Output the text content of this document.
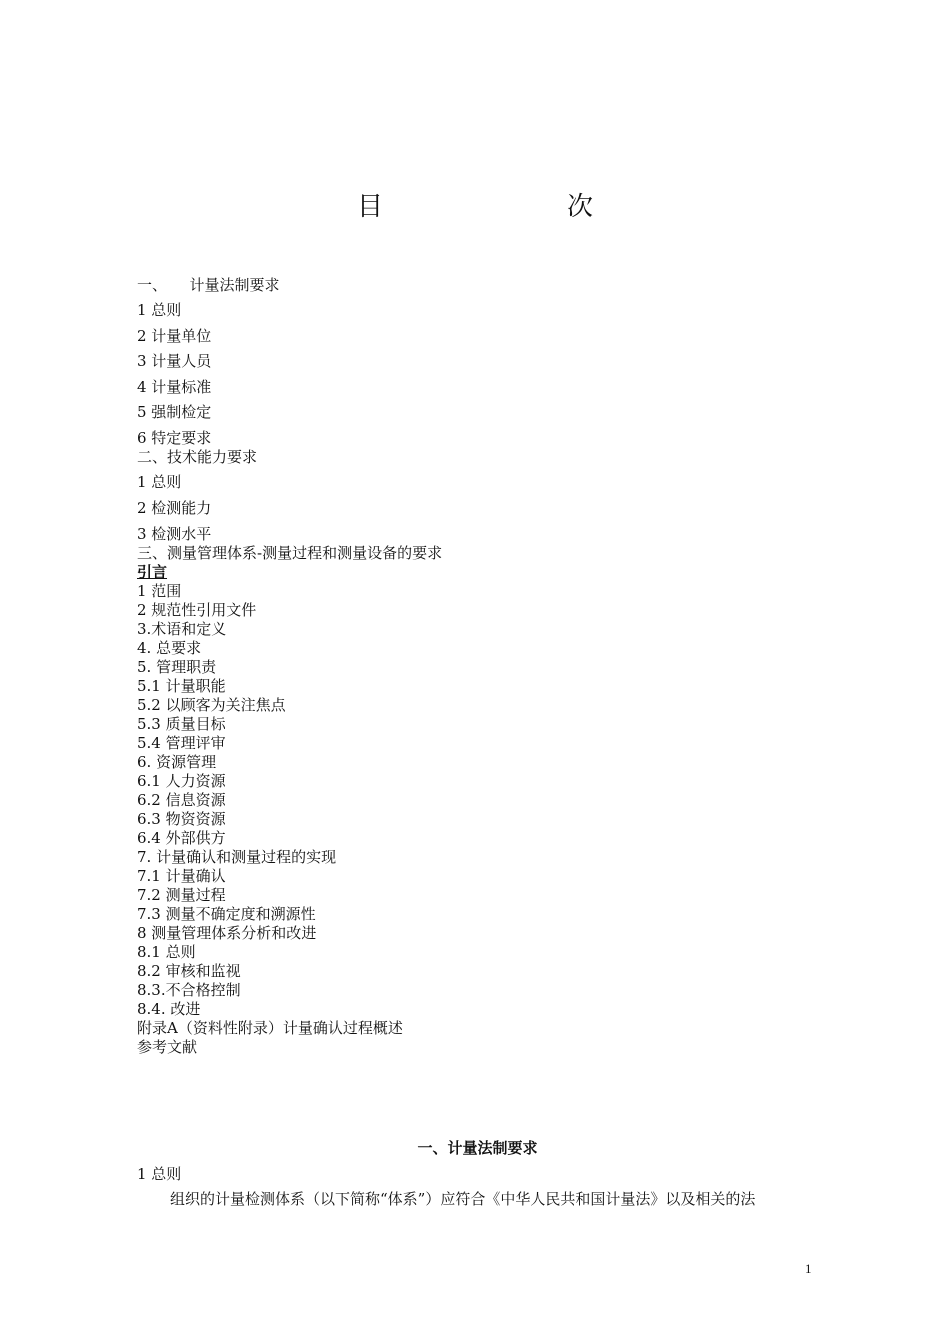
目　　次
一、　　计量法制要求
1 总则
2 计量单位
3 计量人员
4 计量标准
5 强制检定
6 特定要求
二、技术能力要求
1 总则
2 检测能力
3 检测水平
三、测量管理体系-测量过程和测量设备的要求
引言
1 范围
2 规范性引用文件
3.术语和定义
4. 总要求
5. 管理职责
5.1 计量职能
5.2 以顾客为关注焦点
5.3 质量目标
5.4 管理评审
6. 资源管理
6.1 人力资源
6.2 信息资源
6.3 物资资源
6.4 外部供方
7. 计量确认和测量过程的实现
7.1 计量确认
7.2 测量过程
7.3 测量不确定度和溯源性
8 测量管理体系分析和改进
8.1 总则
8.2 审核和监视
8.3.不合格控制
8.4. 改进
附录A（资料性附录）计量确认过程概述
参考文献
一、计量法制要求
1 总则
组织的计量检测体系（以下简称“体系”）应符合《中华人民共和国计量法》以及相关的法
1
